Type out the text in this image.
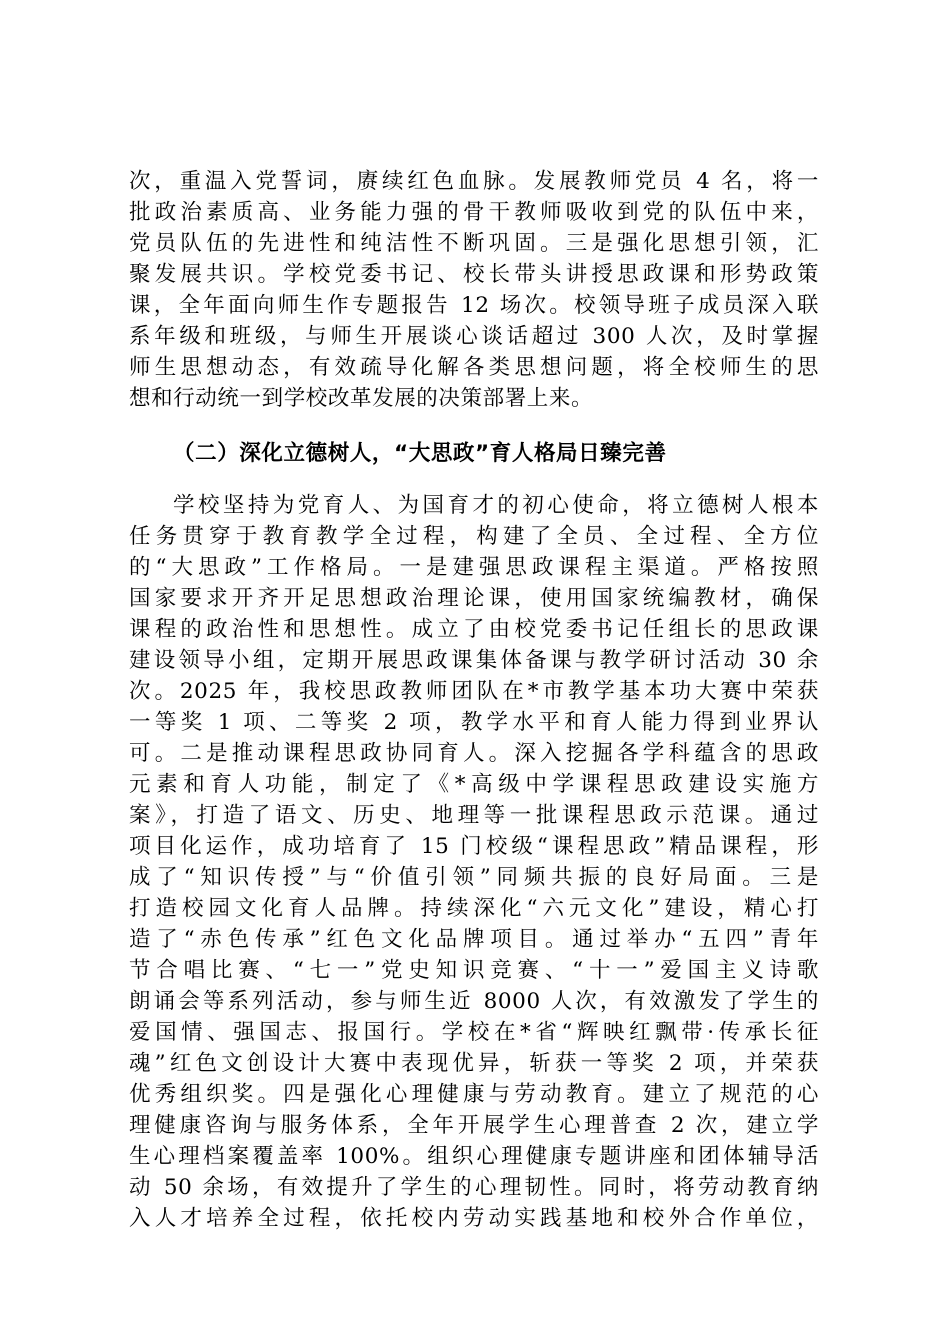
次，重温入党誓词，赓续红色血脉。发展教师党员 4 名，将一
批政治素质高、业务能力强的骨干教师吸收到党的队伍中来，
党员队伍的先进性和纯洁性不断巩固。三是强化思想引领，汇
聚发展共识。学校党委书记、校长带头讲授思政课和形势政策
课，全年面向师生作专题报告 12 场次。校领导班子成员深入联
系年级和班级，与师生开展谈心谈话超过 300 人次，及时掌握
师生思想动态，有效疏导化解各类思想问题，将全校师生的思
想和行动统一到学校改革发展的决策部署上来。
（二）深化立德树人，“大思政”育人格局日臻完善
学校坚持为党育人、为国育才的初心使命，将立德树人根本
任务贯穿于教育教学全过程，构建了全员、全过程、全方位
的“大思政”工作格局。一是建强思政课程主渠道。严格按照
国家要求开齐开足思想政治理论课，使用国家统编教材，确保
课程的政治性和思想性。成立了由校党委书记任组长的思政课
建设领导小组，定期开展思政课集体备课与教学研讨活动 30 余
次。2025 年，我校思政教师团队在*市教学基本功大赛中荣获
一等奖 1 项、二等奖 2 项，教学水平和育人能力得到业界认
可。二是推动课程思政协同育人。深入挖掘各学科蕴含的思政
元素和育人功能，制定了《*高级中学课程思政建设实施方
案》，打造了语文、历史、地理等一批课程思政示范课。通过
项目化运作，成功培育了 15 门校级“课程思政”精品课程，形
成了“知识传授”与“价值引领”同频共振的良好局面。三是
打造校园文化育人品牌。持续深化“六元文化”建设，精心打
造了“赤色传承”红色文化品牌项目。通过举办“五四”青年
节合唱比赛、“七一”党史知识竞赛、“十一”爱国主义诗歌
朗诵会等系列活动，参与师生近 8000 人次，有效激发了学生的
爱国情、强国志、报国行。学校在*省“辉映红飘带·传承长征
魂”红色文创设计大赛中表现优异，斩获一等奖 2 项，并荣获
优秀组织奖。四是强化心理健康与劳动教育。建立了规范的心
理健康咨询与服务体系，全年开展学生心理普查 2 次，建立学
生心理档案覆盖率 100%。组织心理健康专题讲座和团体辅导活
动 50 余场，有效提升了学生的心理韧性。同时，将劳动教育纳
入人才培养全过程，依托校内劳动实践基地和校外合作单位，
